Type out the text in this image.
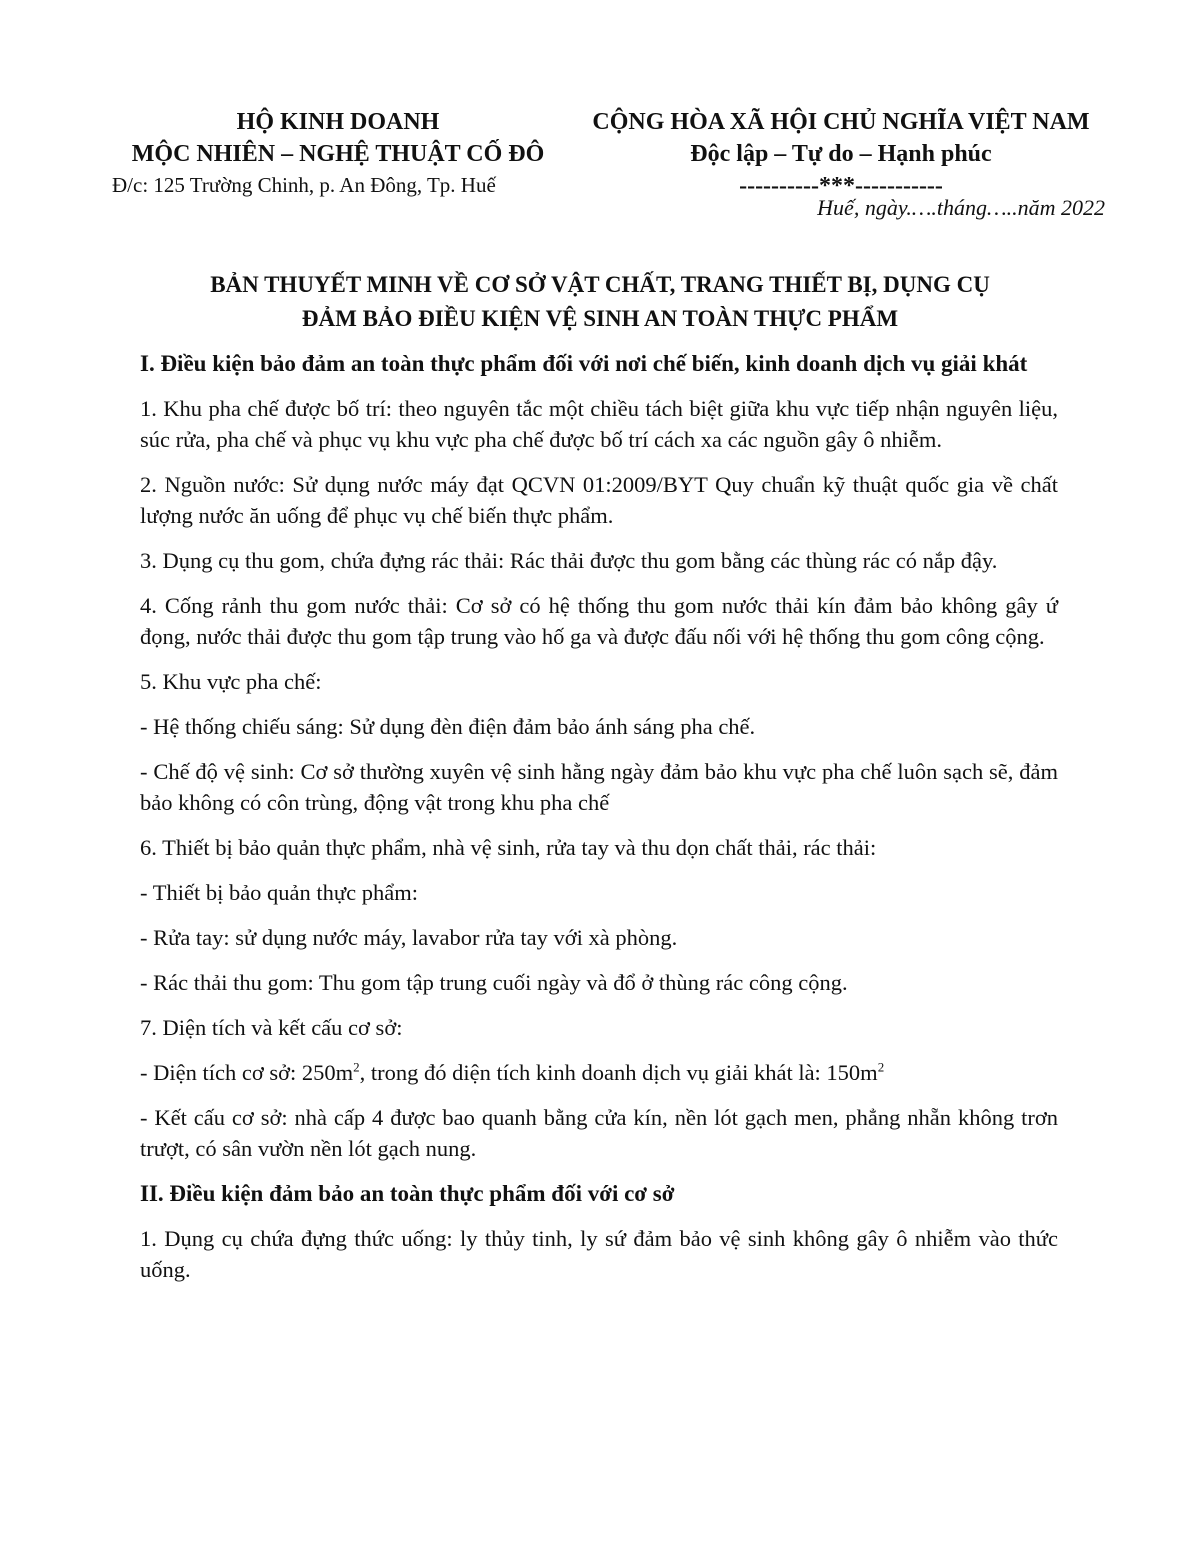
HỘ KINH DOANH
MỘC NHIÊN – NGHỆ THUẬT CỐ ĐÔ
Đ/c: 125 Trường Chinh, p. An Đông, Tp. Huế
CỘNG HÒA XÃ HỘI CHỦ NGHĨA VIỆT NAM
Độc lập – Tự do – Hạnh phúc
----------***-----------
Huế, ngày.….tháng…..năm 2022
BẢN THUYẾT MINH VỀ CƠ SỞ VẬT CHẤT, TRANG THIẾT BỊ, DỤNG CỤ
ĐẢM BẢO ĐIỀU KIỆN VỆ SINH AN TOÀN THỰC PHẨM

I. Điều kiện bảo đảm an toàn thực phẩm đối với nơi chế biến, kinh doanh dịch vụ giải khát

1. Khu pha chế được bố trí: theo nguyên tắc một chiều tách biệt giữa khu vực tiếp nhận nguyên liệu, súc rửa, pha chế và phục vụ khu vực pha chế được bố trí cách xa các nguồn gây ô nhiễm.

2. Nguồn nước: Sử dụng nước máy đạt QCVN 01:2009/BYT Quy chuẩn kỹ thuật quốc gia về chất lượng nước ăn uống để phục vụ chế biến thực phẩm.

3. Dụng cụ thu gom, chứa đựng rác thải: Rác thải được thu gom bằng các thùng rác có nắp đậy.

4. Cống rảnh thu gom nước thải: Cơ sở có hệ thống thu gom nước thải kín đảm bảo không gây ứ đọng, nước thải được thu gom tập trung vào hố ga và được đấu nối với hệ thống thu gom công cộng.

5. Khu vực pha chế:

- Hệ thống chiếu sáng: Sử dụng đèn điện đảm bảo ánh sáng pha chế.

- Chế độ vệ sinh: Cơ sở thường xuyên vệ sinh hằng ngày đảm bảo khu vực pha chế luôn sạch sẽ, đảm bảo không có côn trùng, động vật trong khu pha chế

6. Thiết bị bảo quản thực phẩm, nhà vệ sinh, rửa tay và thu dọn chất thải, rác thải:

- Thiết bị bảo quản thực phẩm:

- Rửa tay: sử dụng nước máy, lavabor rửa tay với xà phòng.

- Rác thải thu gom: Thu gom tập trung cuối ngày và đổ ở thùng rác công cộng.

7. Diện tích và kết cấu cơ sở:

- Diện tích cơ sở: $250m^2$, trong đó diện tích kinh doanh dịch vụ giải khát là: $150m^2$

- Kết cấu cơ sở: nhà cấp 4 được bao quanh bằng cửa kín, nền lót gạch men, phẳng nhẵn không trơn trượt, có sân vườn nền lót gạch nung.

II. Điều kiện đảm bảo an toàn thực phẩm đối với cơ sở

1. Dụng cụ chứa đựng thức uống: ly thủy tinh, ly sứ đảm bảo vệ sinh không gây ô nhiễm vào thức uống.
